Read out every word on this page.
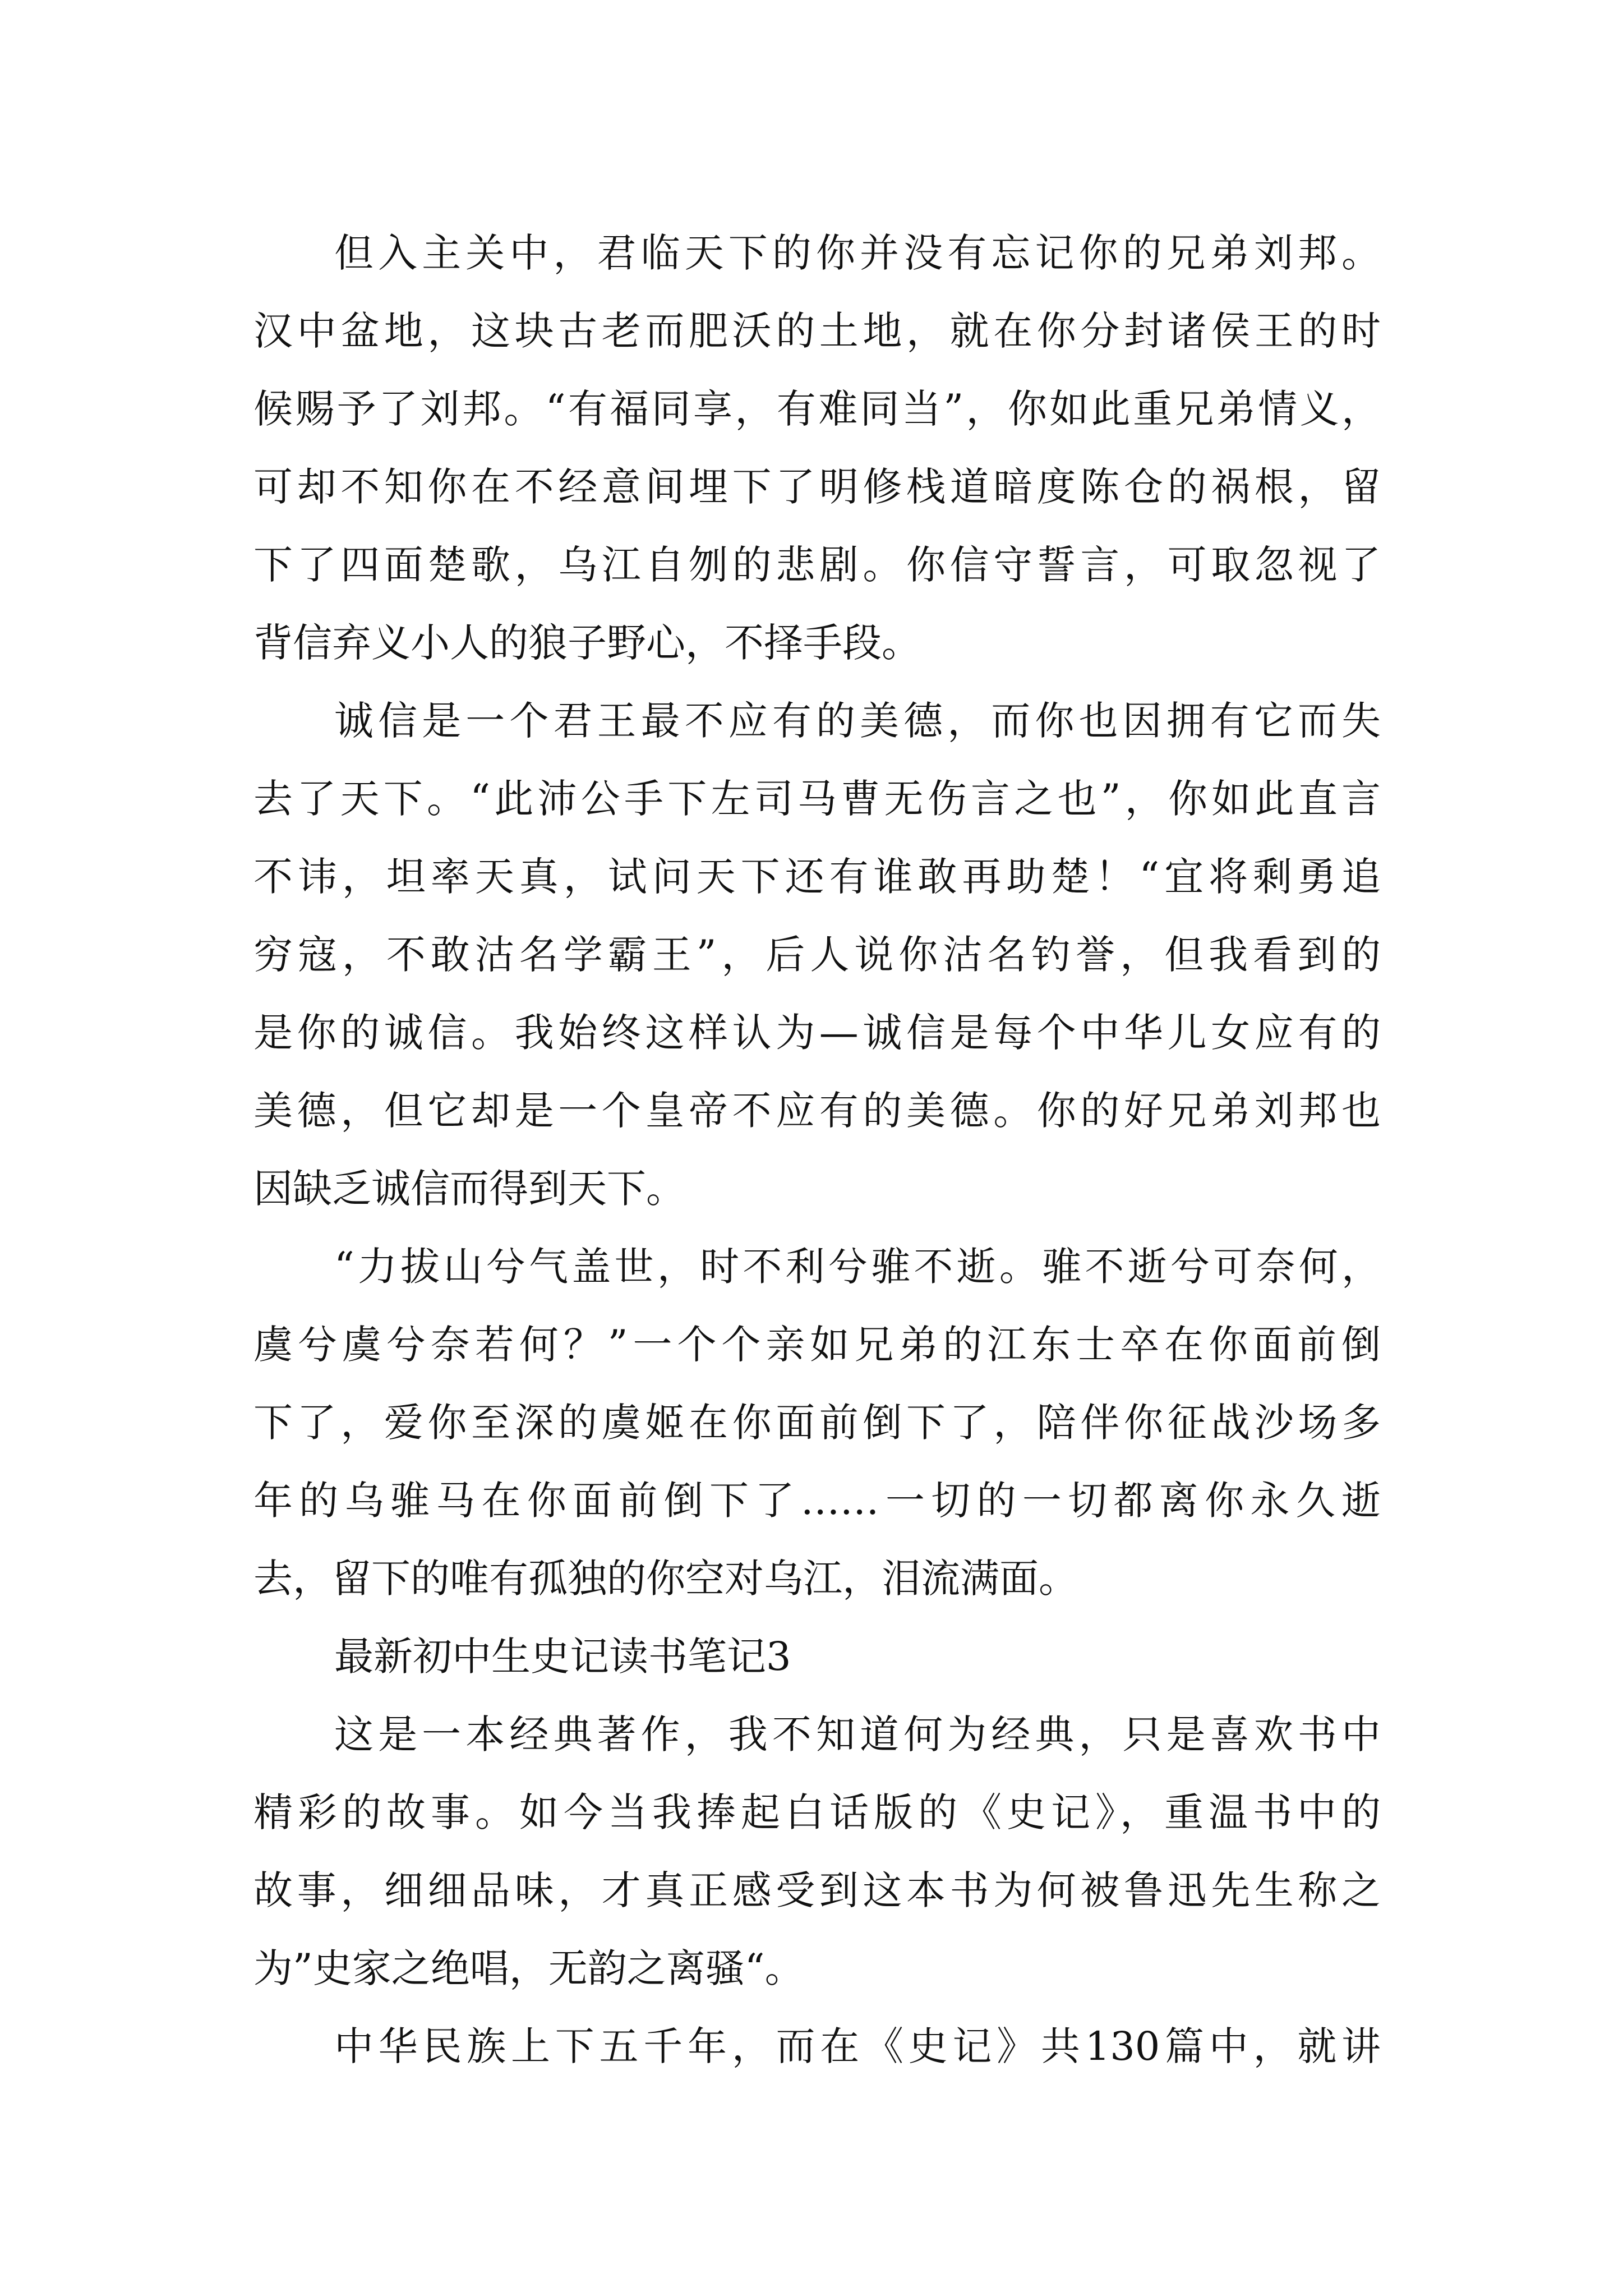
但入主关中，君临天下的你并没有忘记你的兄弟刘邦。
汉中盆地，这块古老而肥沃的土地，就在你分封诸侯王的时
候赐予了刘邦。“有福同享，有难同当”，你如此重兄弟情义，
可却不知你在不经意间埋下了明修栈道暗度陈仓的祸根，留
下了四面楚歌，乌江自刎的悲剧。你信守誓言，可取忽视了
背信弃义小人的狼子野心，不择手段。
诚信是一个君王最不应有的美德，而你也因拥有它而失
去了天下。“此沛公手下左司马曹无伤言之也”，你如此直言
不讳，坦率天真，试问天下还有谁敢再助楚！“宜将剩勇追
穷寇，不敢沽名学霸王”，后人说你沽名钓誉，但我看到的
是你的诚信。我始终这样认为—诚信是每个中华儿女应有的
美德，但它却是一个皇帝不应有的美德。你的好兄弟刘邦也
因缺乏诚信而得到天下。
“力拔山兮气盖世，时不利兮骓不逝。骓不逝兮可奈何，
虞兮虞兮奈若何？”一个个亲如兄弟的江东士卒在你面前倒
下了，爱你至深的虞姬在你面前倒下了，陪伴你征战沙场多
年的乌骓马在你面前倒下了……一切的一切都离你永久逝
去，留下的唯有孤独的你空对乌江，泪流满面。
最新初中生史记读书笔记3
这是一本经典著作，我不知道何为经典，只是喜欢书中
精彩的故事。如今当我捧起白话版的《史记》，重温书中的
故事，细细品味，才真正感受到这本书为何被鲁迅先生称之
为”史家之绝唱，无韵之离骚“。
中华民族上下五千年，而在《史记》共130篇中，就讲
